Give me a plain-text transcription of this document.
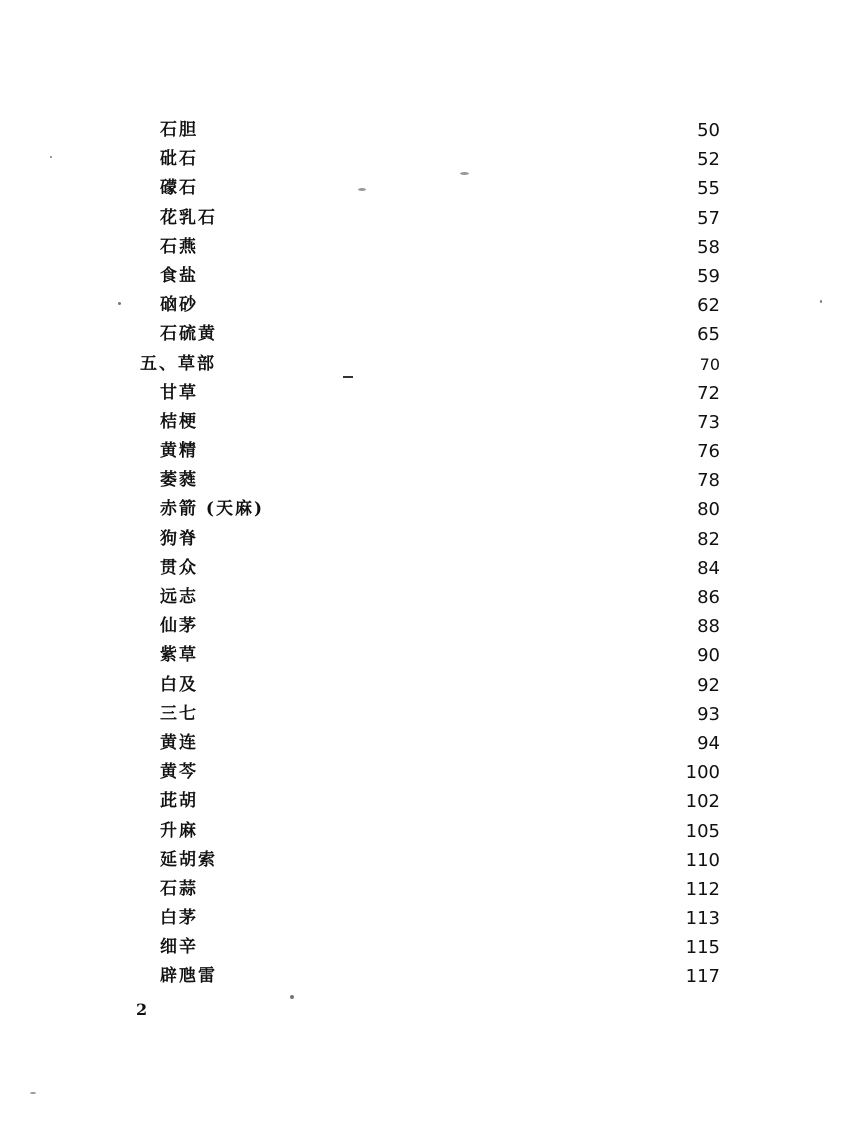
石胆	50
砒石	52
礞石	55
花乳石	57
石燕	58
食盐	59
硇砂	62
石硫黄	65
五、草部	70
甘草	72
桔梗	73
黄精	76
萎蕤	78
赤箭 (天麻)	80
狗脊	82
贯众	84
远志	86
仙茅	88
紫草	90
白及	92
三七	93
黄连	94
黄芩	100
茈胡	102
升麻	105
延胡索	110
石蒜	112
白茅	113
细辛	115
辟虺雷	117
2
